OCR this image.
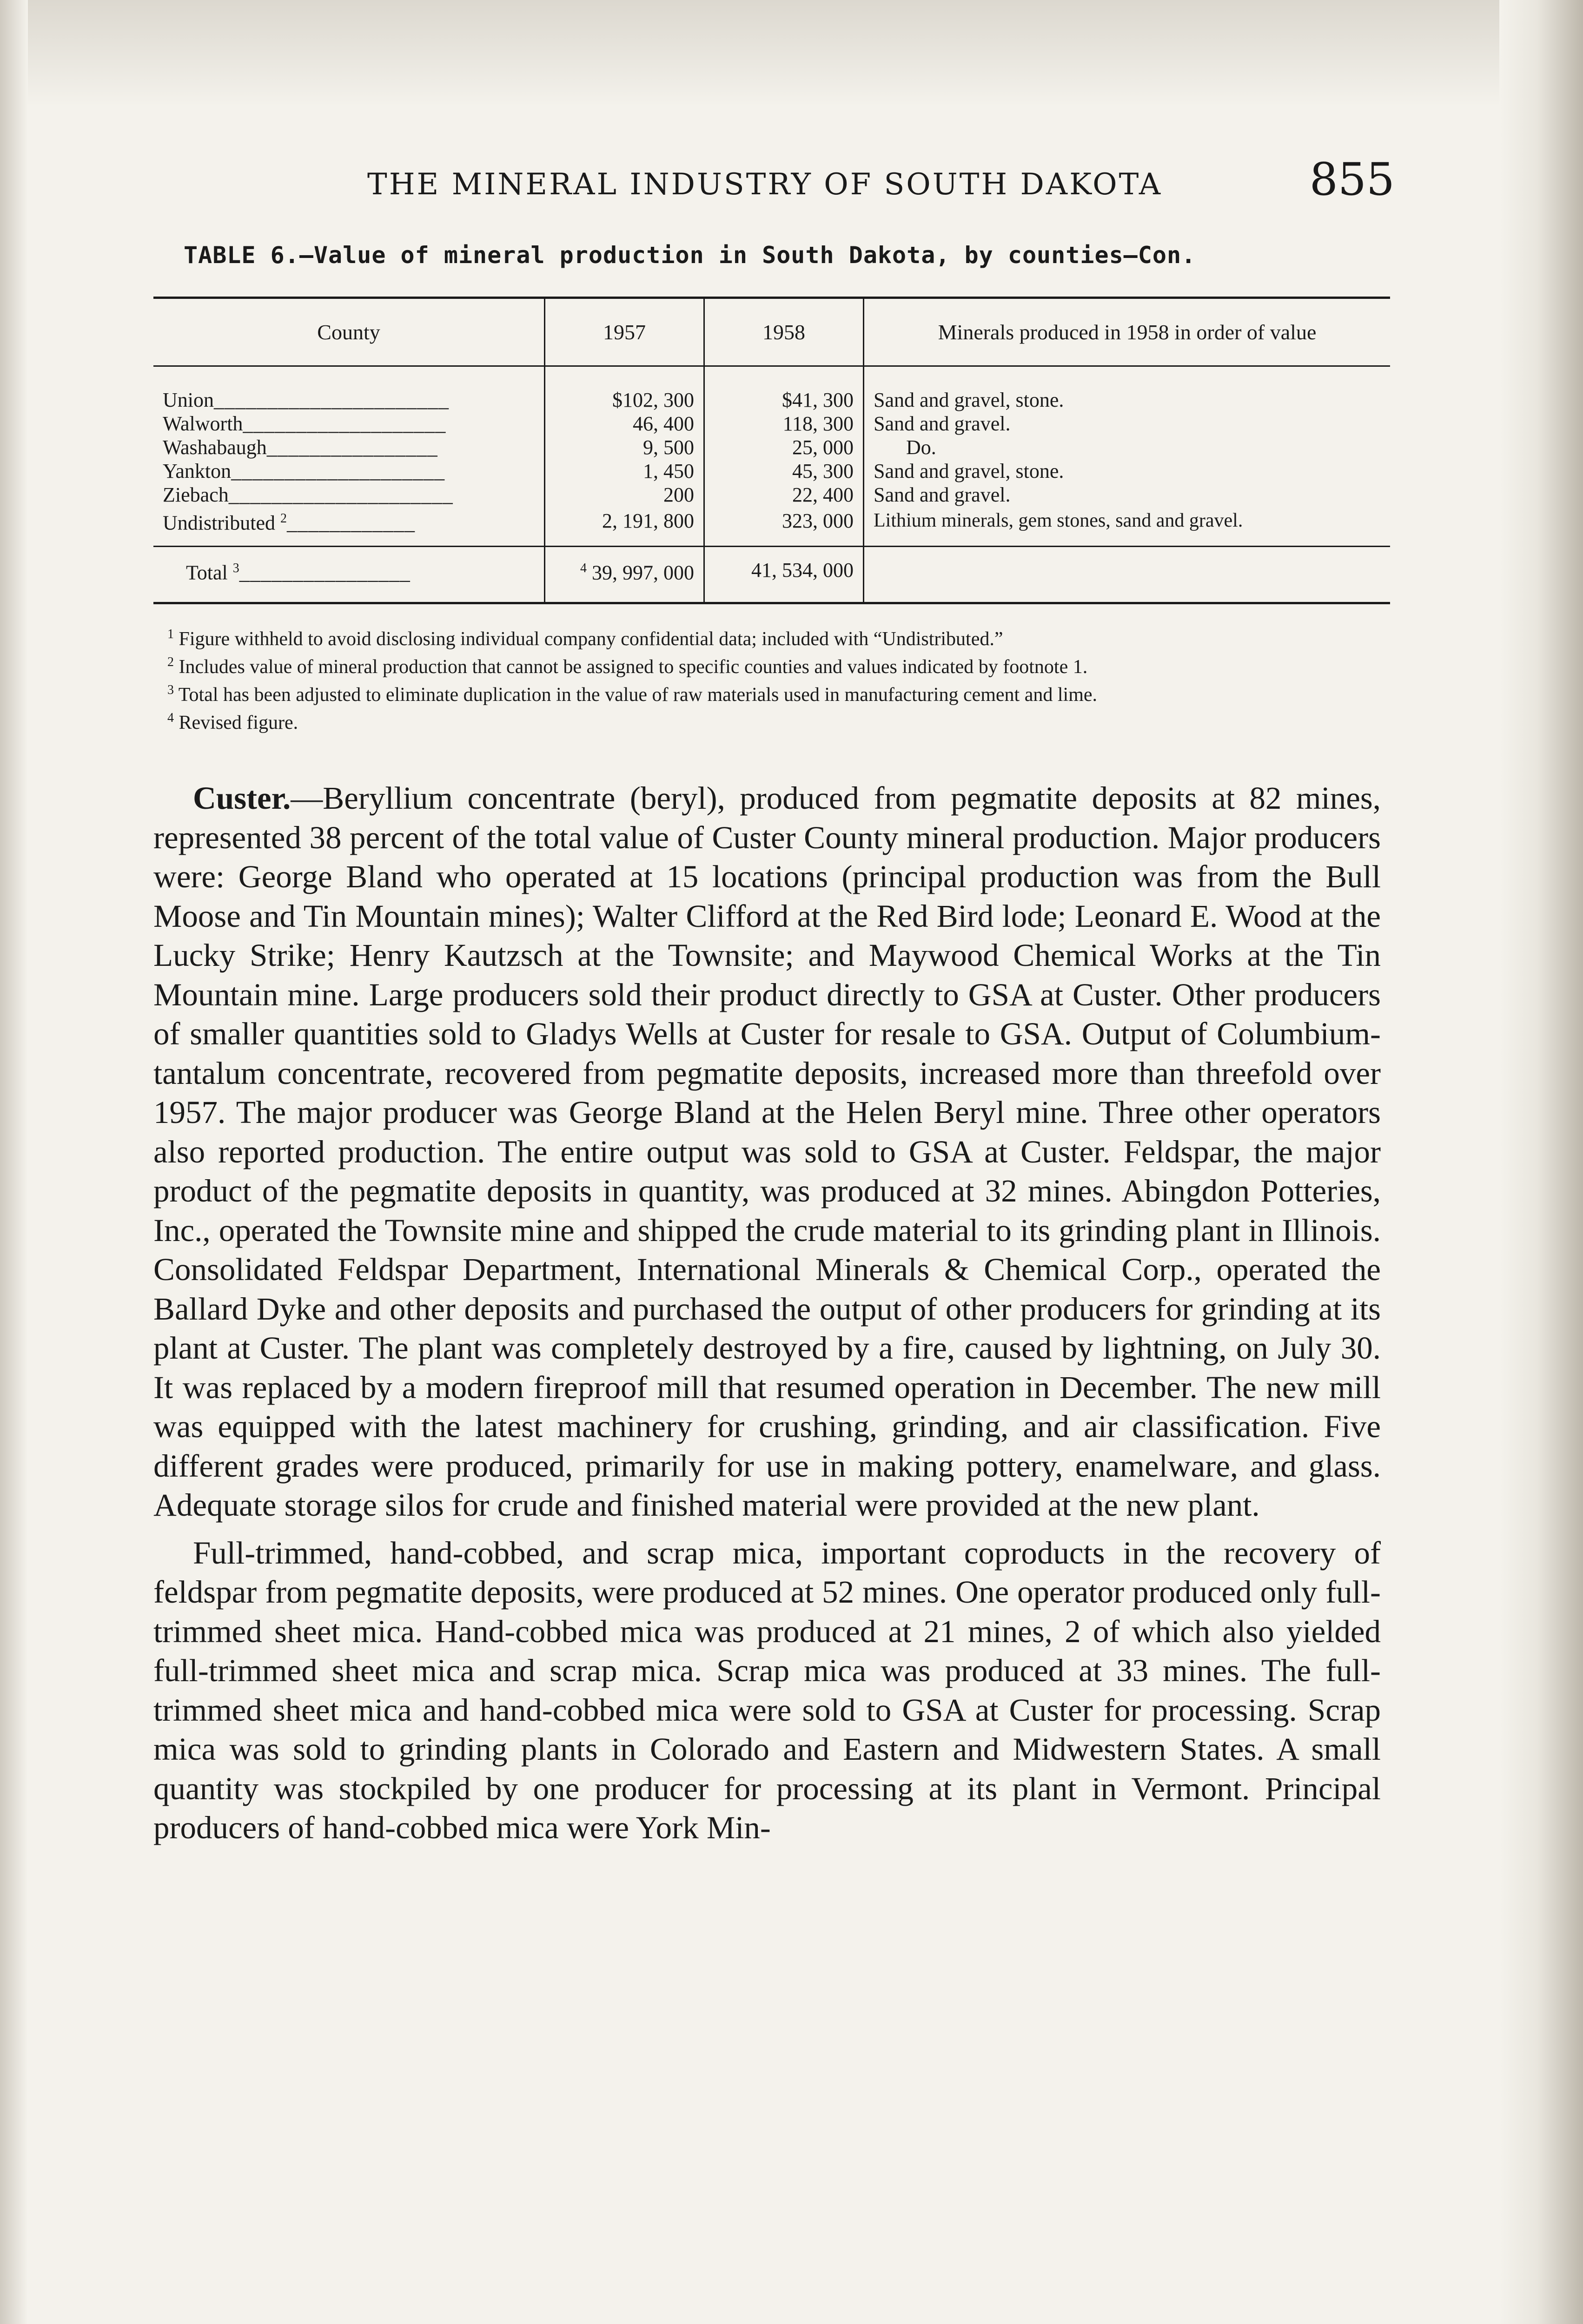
THE MINERAL INDUSTRY OF SOUTH DAKOTA	855
TABLE 6.—Value of mineral production in South Dakota, by counties—Con.
County	1957	1958	Minerals produced in 1958 in order of value
Union______________________	$102, 300	$41, 300	Sand and gravel, stone.
Walworth___________________	46, 400	118, 300	Sand and gravel.
Washabaugh________________	9, 500	25, 000	Do.
Yankton____________________	1, 450	45, 300	Sand and gravel, stone.
Ziebach_____________________	200	22, 400	Sand and gravel.
Undistributed $^2$____________	2, 191, 800	323, 000	Lithium minerals, gem stones, sand and gravel.
Total $^3$________________	$^4$ 39, 997, 000	41, 534, 000	
$^1$ Figure withheld to avoid disclosing individual company confidential data; included with “Undistributed.”
$^2$ Includes value of mineral production that cannot be assigned to specific counties and values indicated by footnote 1.
$^3$ Total has been adjusted to eliminate duplication in the value of raw materials used in manufacturing cement and lime.
$^4$ Revised figure.

Custer.—Beryllium concentrate (beryl), produced from pegmatite deposits at 82 mines, represented 38 percent of the total value of Custer County mineral production. Major producers were: George Bland who operated at 15 locations (principal production was from the Bull Moose and Tin Mountain mines); Walter Clifford at the Red Bird lode; Leonard E. Wood at the Lucky Strike; Henry Kautzsch at the Townsite; and Maywood Chemical Works at the Tin Mountain mine. Large producers sold their product directly to GSA at Custer. Other producers of smaller quantities sold to Gladys Wells at Custer for resale to GSA. Output of Columbium-tantalum concentrate, recovered from pegmatite deposits, increased more than threefold over 1957. The major producer was George Bland at the Helen Beryl mine. Three other operators also reported production. The entire output was sold to GSA at Custer. Feldspar, the major product of the pegmatite deposits in quantity, was produced at 32 mines. Abingdon Potteries, Inc., operated the Townsite mine and shipped the crude material to its grinding plant in Illinois. Consolidated Feldspar Department, International Minerals & Chemical Corp., operated the Ballard Dyke and other deposits and purchased the output of other producers for grinding at its plant at Custer. The plant was completely destroyed by a fire, caused by lightning, on July 30. It was replaced by a modern fireproof mill that resumed operation in December. The new mill was equipped with the latest machinery for crushing, grinding, and air classification. Five different grades were produced, primarily for use in making pottery, enamelware, and glass. Adequate storage silos for crude and finished material were provided at the new plant.

Full-trimmed, hand-cobbed, and scrap mica, important coproducts in the recovery of feldspar from pegmatite deposits, were produced at 52 mines. One operator produced only full-trimmed sheet mica. Hand-cobbed mica was produced at 21 mines, 2 of which also yielded full-trimmed sheet mica and scrap mica. Scrap mica was produced at 33 mines. The full-trimmed sheet mica and hand-cobbed mica were sold to GSA at Custer for processing. Scrap mica was sold to grinding plants in Colorado and Eastern and Midwestern States. A small quantity was stockpiled by one producer for processing at its plant in Vermont. Principal producers of hand-cobbed mica were York Min-
